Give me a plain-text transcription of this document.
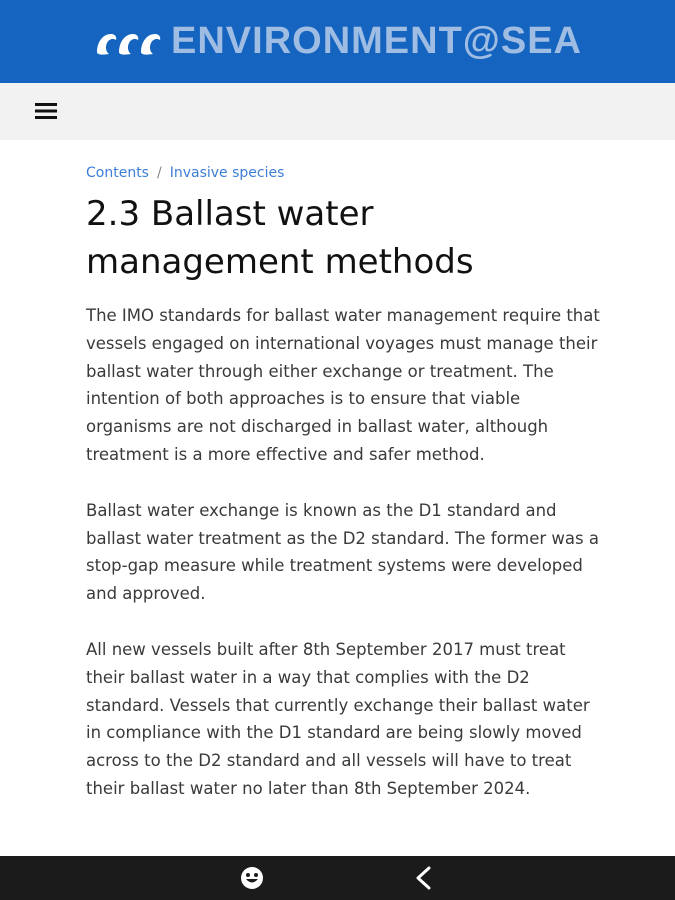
ENVIRONMENT@SEA
Contents / Invasive species
2.3 Ballast water management methods

The IMO standards for ballast water management require that vessels engaged on international voyages must manage their ballast water through either exchange or treatment. The intention of both approaches is to ensure that viable organisms are not discharged in ballast water, although treatment is a more effective and safer method.

Ballast water exchange is known as the D1 standard and ballast water treatment as the D2 standard. The former was a stop-gap measure while treatment systems were developed and approved.

All new vessels built after 8th September 2017 must treat their ballast water in a way that complies with the D2 standard. Vessels that currently exchange their ballast water in compliance with the D1 standard are being slowly moved across to the D2 standard and all vessels will have to treat their ballast water no later than 8th September 2024.
